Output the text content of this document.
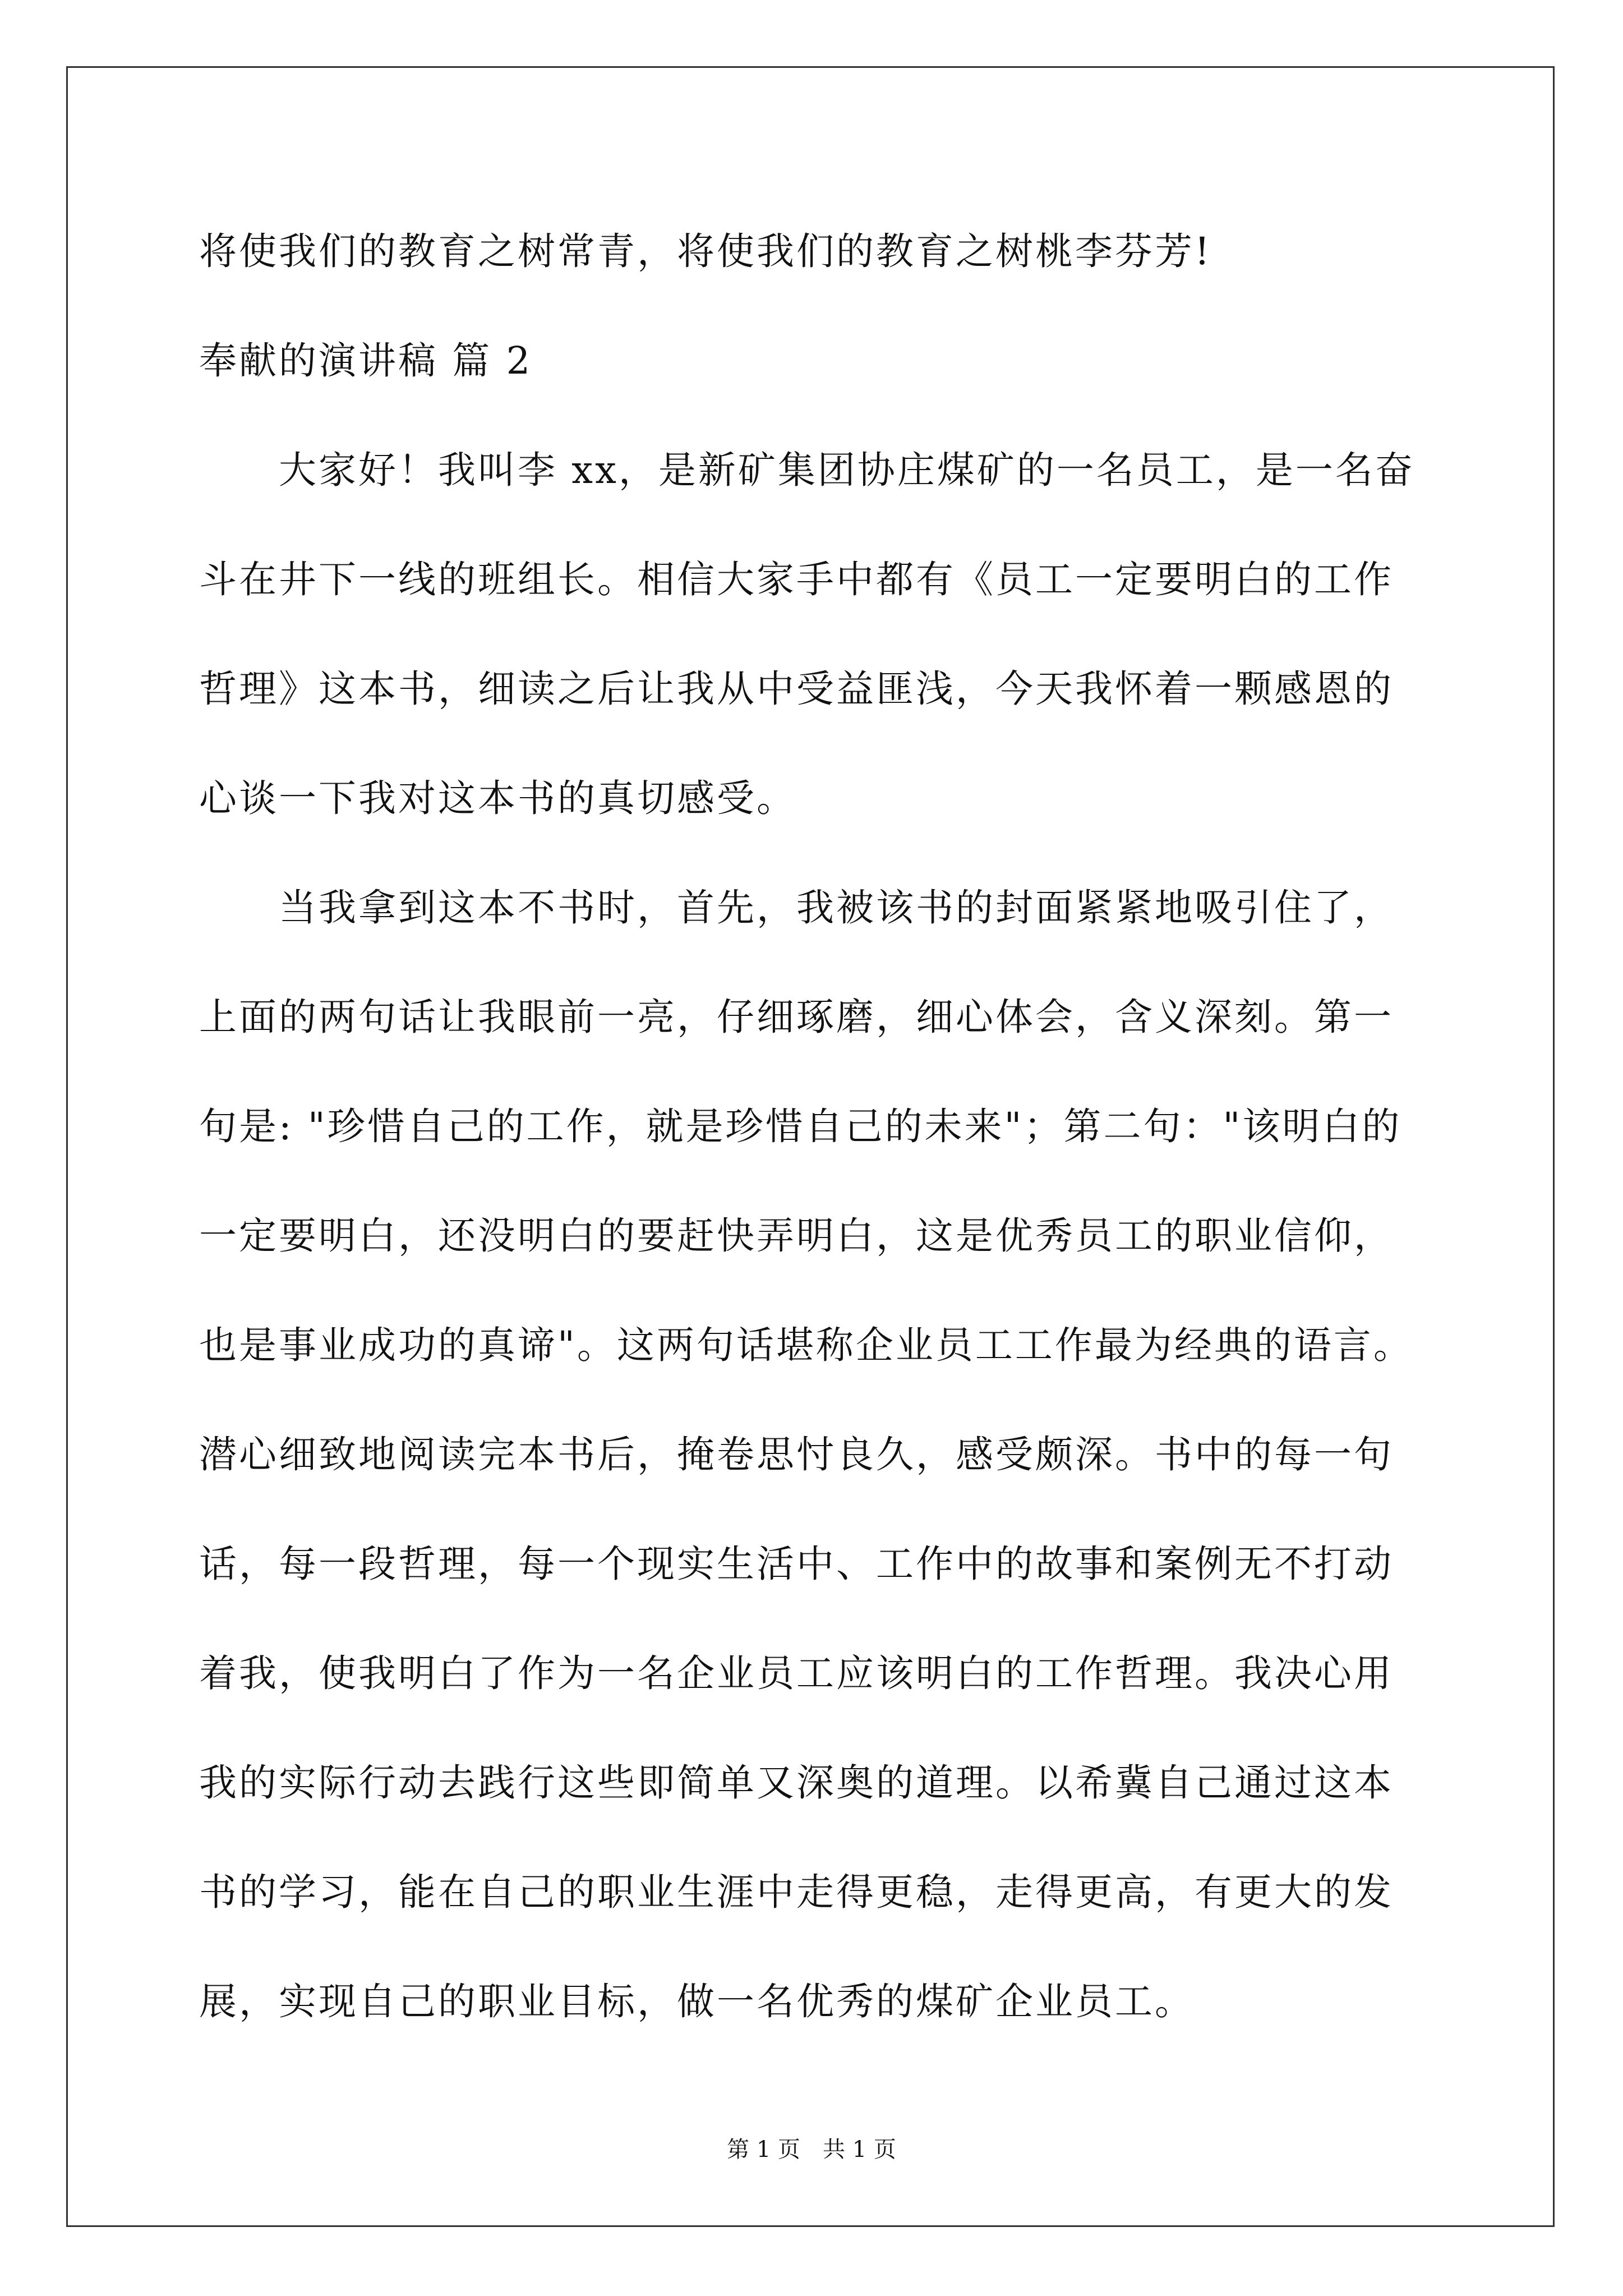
将使我们的教育之树常青，将使我们的教育之树桃李芬芳!
奉献的演讲稿 篇 2
　　大家好！我叫李 xx，是新矿集团协庄煤矿的一名员工，是一名奋
斗在井下一线的班组长。相信大家手中都有《员工一定要明白的工作
哲理》这本书，细读之后让我从中受益匪浅，今天我怀着一颗感恩的
心谈一下我对这本书的真切感受。
　　当我拿到这本不书时，首先，我被该书的封面紧紧地吸引住了，
上面的两句话让我眼前一亮，仔细琢磨，细心体会，含义深刻。第一
句是: "珍惜自己的工作，就是珍惜自己的未来"；第二句："该明白的
一定要明白，还没明白的要赶快弄明白，这是优秀员工的职业信仰，
也是事业成功的真谛"。这两句话堪称企业员工工作最为经典的语言。
潜心细致地阅读完本书后，掩卷思忖良久，感受颇深。书中的每一句
话，每一段哲理，每一个现实生活中、工作中的故事和案例无不打动
着我，使我明白了作为一名企业员工应该明白的工作哲理。我决心用
我的实际行动去践行这些即简单又深奥的道理。以希冀自己通过这本
书的学习，能在自己的职业生涯中走得更稳，走得更高，有更大的发
展，实现自己的职业目标，做一名优秀的煤矿企业员工。
第 1 页　共 1 页
